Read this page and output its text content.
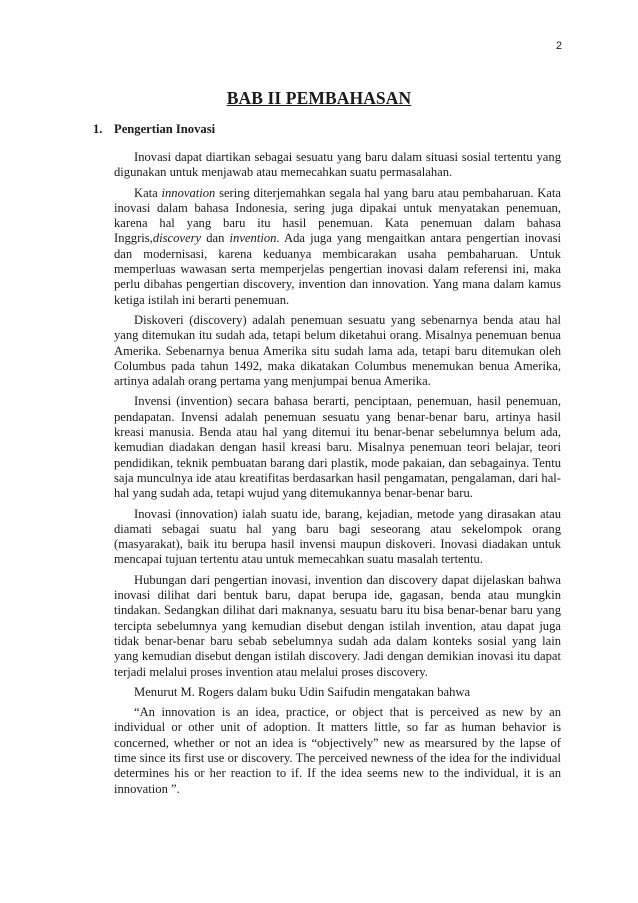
2
BAB II PEMBAHASAN
1. Pengertian Inovasi

Inovasi dapat diartikan sebagai sesuatu yang baru dalam situasi sosial tertentu yang digunakan untuk menjawab atau memecahkan suatu permasalahan.

Kata innovation sering diterjemahkan segala hal yang baru atau pembaharuan. Kata inovasi dalam bahasa Indonesia, sering juga dipakai untuk menyatakan penemuan, karena hal yang baru itu hasil penemuan. Kata penemuan dalam bahasa Inggris,discovery dan invention. Ada juga yang mengaitkan antara pengertian inovasi dan modernisasi, karena keduanya membicarakan usaha pembaharuan. Untuk memperluas wawasan serta memperjelas pengertian inovasi dalam referensi ini, maka perlu dibahas pengertian discovery, invention dan innovation. Yang mana dalam kamus ketiga istilah ini berarti penemuan.

Diskoveri (discovery) adalah penemuan sesuatu yang sebenarnya benda atau hal yang ditemukan itu sudah ada, tetapi belum diketahui orang. Misalnya penemuan benua Amerika. Sebenarnya benua Amerika situ sudah lama ada, tetapi baru ditemukan oleh Columbus pada tahun 1492, maka dikatakan Columbus menemukan benua Amerika, artinya adalah orang pertama yang menjumpai benua Amerika.

Invensi (invention) secara bahasa berarti, penciptaan, penemuan, hasil penemuan, pendapatan. Invensi adalah penemuan sesuatu yang benar-benar baru, artinya hasil kreasi manusia. Benda atau hal yang ditemui itu benar-benar sebelumnya belum ada, kemudian diadakan dengan hasil kreasi baru. Misalnya penemuan teori belajar, teori pendidikan, teknik pembuatan barang dari plastik, mode pakaian, dan sebagainya. Tentu saja munculnya ide atau kreatifitas berdasarkan hasil pengamatan, pengalaman, dari hal-hal yang sudah ada, tetapi wujud yang ditemukannya benar-benar baru.

Inovasi (innovation) ialah suatu ide, barang, kejadian, metode yang dirasakan atau diamati sebagai suatu hal yang baru bagi seseorang atau sekelompok orang (masyarakat), baik itu berupa hasil invensi maupun diskoveri. Inovasi diadakan untuk mencapai tujuan tertentu atau untuk memecahkan suatu masalah tertentu.

Hubungan dari pengertian inovasi, invention dan discovery dapat dijelaskan bahwa inovasi dilihat dari bentuk baru, dapat berupa ide, gagasan, benda atau mungkin tindakan. Sedangkan dilihat dari maknanya, sesuatu baru itu bisa benar-benar baru yang tercipta sebelumnya yang kemudian disebut dengan istilah invention, atau dapat juga tidak benar-benar baru sebab sebelumnya sudah ada dalam konteks sosial yang lain yang kemudian disebut dengan istilah discovery. Jadi dengan demikian inovasi itu dapat terjadi melalui proses invention atau melalui proses discovery.

Menurut M. Rogers dalam buku Udin Saifudin mengatakan bahwa

“An innovation is an idea, practice, or object that is perceived as new by an individual or other unit of adoption. It matters little, so far as human behavior is concerned, whether or not an idea is “objectively” new as mearsured by the lapse of time since its first use or discovery. The perceived newness of the idea for the individual determines his or her reaction to if. If the idea seems new to the individual, it is an innovation ”.
